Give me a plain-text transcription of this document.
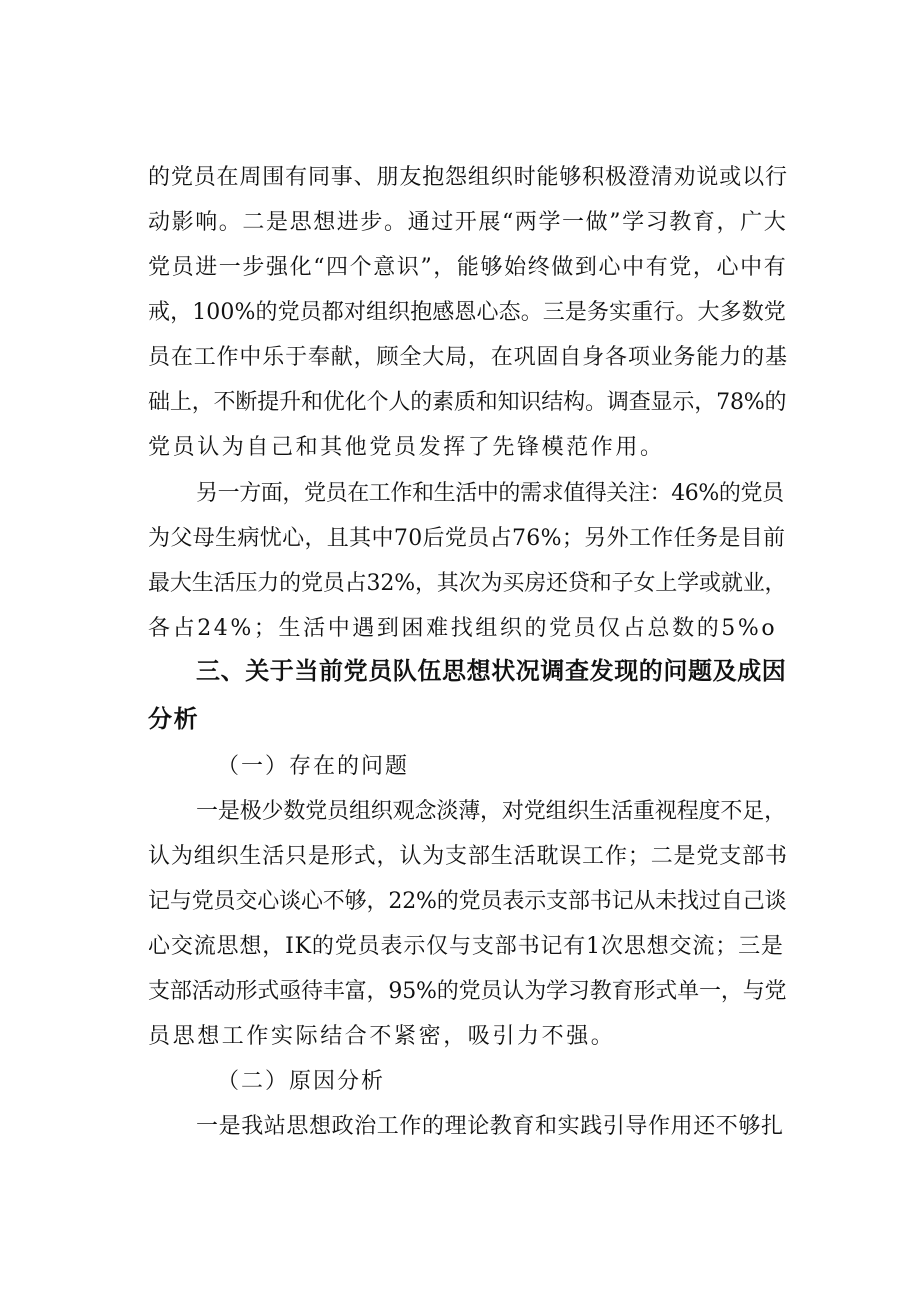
的党员在周围有同事、朋友抱怨组织时能够积极澄清劝说或以行
动影响。二是思想进步。通过开展“两学一做”学习教育，广大
党员进一步强化“四个意识”，能够始终做到心中有党，心中有
戒，100%的党员都对组织抱感恩心态。三是务实重行。大多数党
员在工作中乐于奉献，顾全大局，在巩固自身各项业务能力的基
础上，不断提升和优化个人的素质和知识结构。调查显示，78%的
党员认为自己和其他党员发挥了先锋模范作用。
另一方面，党员在工作和生活中的需求值得关注：46%的党员
为父母生病忧心，且其中70后党员占76%；另外工作任务是目前
最大生活压力的党员占32%，其次为买房还贷和子女上学或就业，
各占24%；生活中遇到困难找组织的党员仅占总数的5%o
三、关于当前党员队伍思想状况调查发现的问题及成因
分析
（一）存在的问题
一是极少数党员组织观念淡薄，对党组织生活重视程度不足，
认为组织生活只是形式，认为支部生活耽误工作；二是党支部书
记与党员交心谈心不够，22%的党员表示支部书记从未找过自己谈
心交流思想，IK的党员表示仅与支部书记有1次思想交流；三是
支部活动形式亟待丰富，95%的党员认为学习教育形式单一，与党
员思想工作实际结合不紧密，吸引力不强。
（二）原因分析
一是我站思想政治工作的理论教育和实践引导作用还不够扎
